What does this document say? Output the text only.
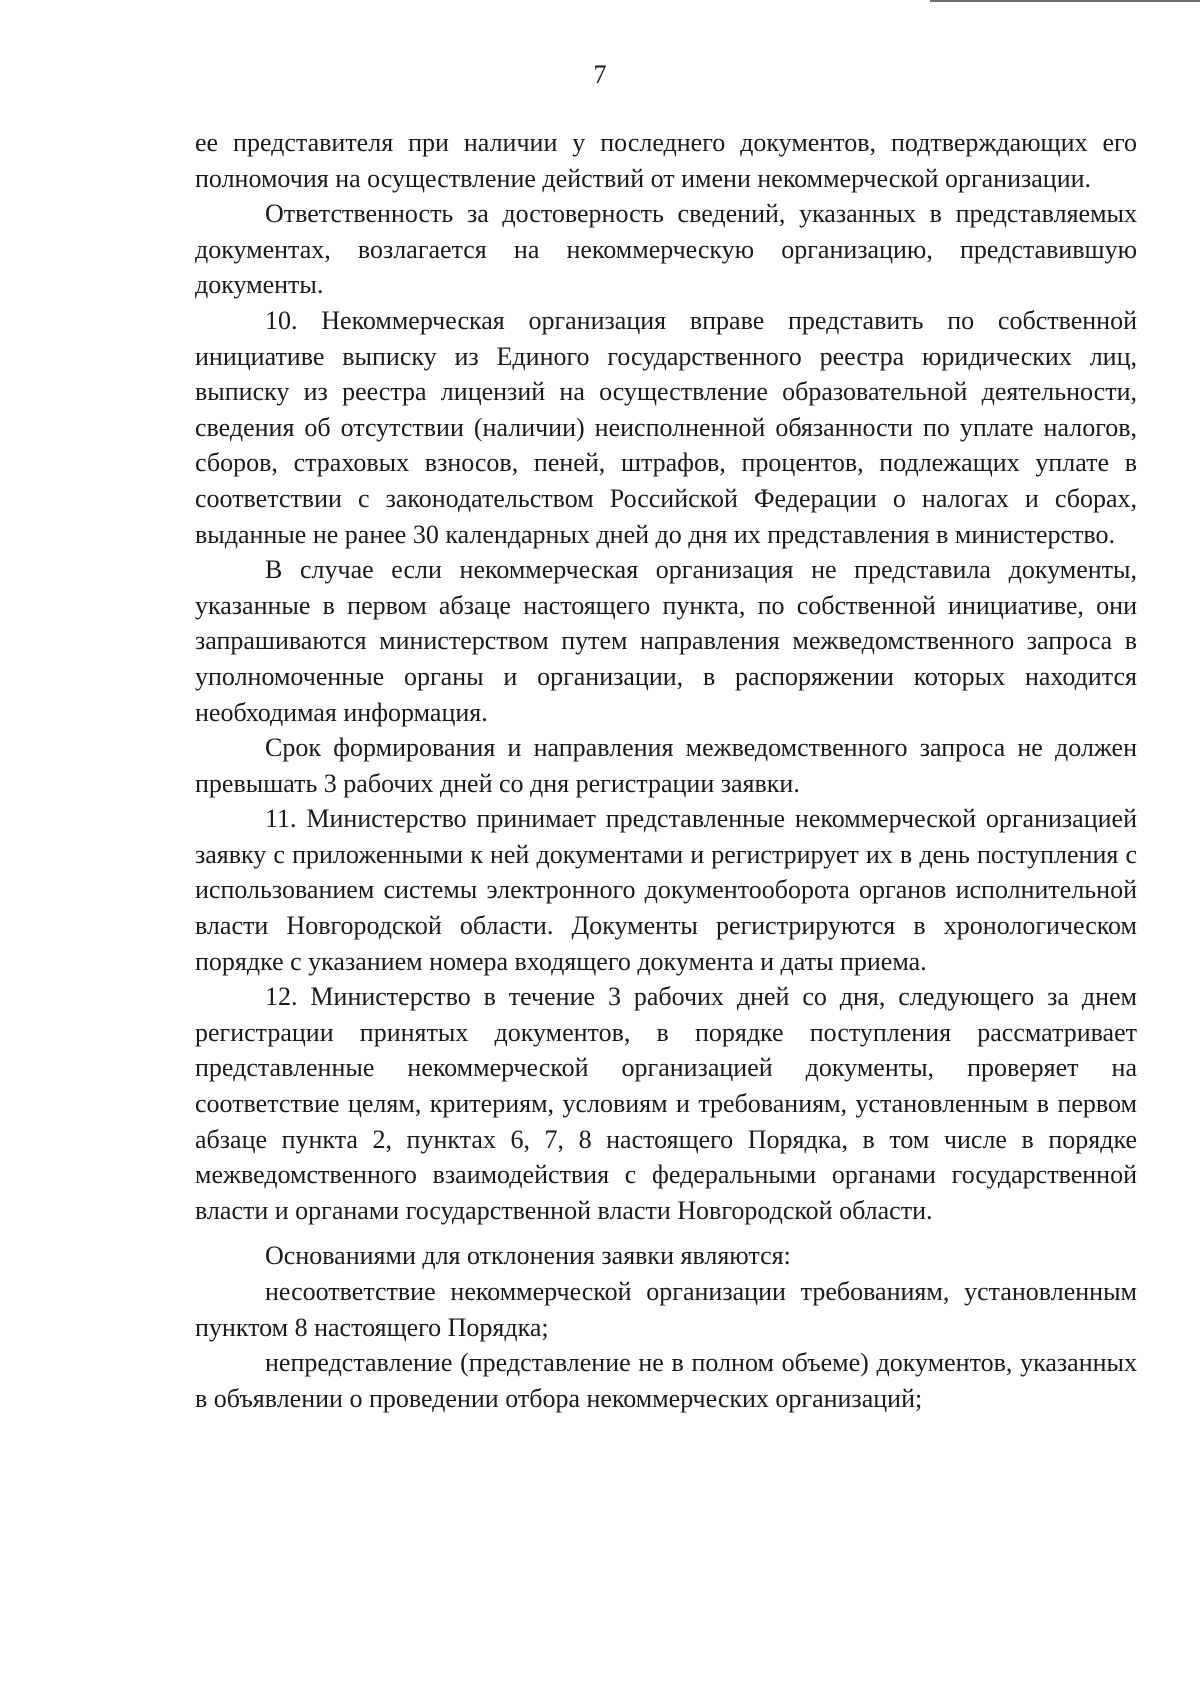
7

ее представителя при наличии у последнего документов, подтверждающих его полномочия на осуществление действий от имени некоммерческой организации.

Ответственность за достоверность сведений, указанных в представляемых документах, возлагается на некоммерческую организацию, представившую документы.

10. Некоммерческая организация вправе представить по собственной инициативе выписку из Единого государственного реестра юридических лиц, выписку из реестра лицензий на осуществление образовательной деятельности, сведения об отсутствии (наличии) неисполненной обязанности по уплате налогов, сборов, страховых взносов, пеней, штрафов, процентов, подлежащих уплате в соответствии с законодательством Российской Федерации о налогах и сборах, выданные не ранее 30 календарных дней до дня их представления в министерство.

В случае если некоммерческая организация не представила документы, указанные в первом абзаце настоящего пункта, по собственной инициативе, они запрашиваются министерством путем направления межведомственного запроса в уполномоченные органы и организации, в распоряжении которых находится необходимая информация.

Срок формирования и направления межведомственного запроса не должен превышать 3 рабочих дней со дня регистрации заявки.

11. Министерство принимает представленные некоммерческой организацией заявку с приложенными к ней документами и регистрирует их в день поступления с использованием системы электронного документооборота органов исполнительной власти Новгородской области. Документы регистрируются в хронологическом порядке с указанием номера входящего документа и даты приема.

12. Министерство в течение 3 рабочих дней со дня, следующего за днем регистрации принятых документов, в порядке поступления рассматривает представленные некоммерческой организацией документы, проверяет на соответствие целям, критериям, условиям и требованиям, установленным в первом абзаце пункта 2, пунктах 6, 7, 8 настоящего Порядка, в том числе в порядке межведомственного взаимодействия с федеральными органами государственной власти и органами государственной власти Новгородской области.

Основаниями для отклонения заявки являются:

несоответствие некоммерческой организации требованиям, установленным пунктом 8 настоящего Порядка;

непредставление (представление не в полном объеме) документов, указанных в объявлении о проведении отбора некоммерческих организаций;
